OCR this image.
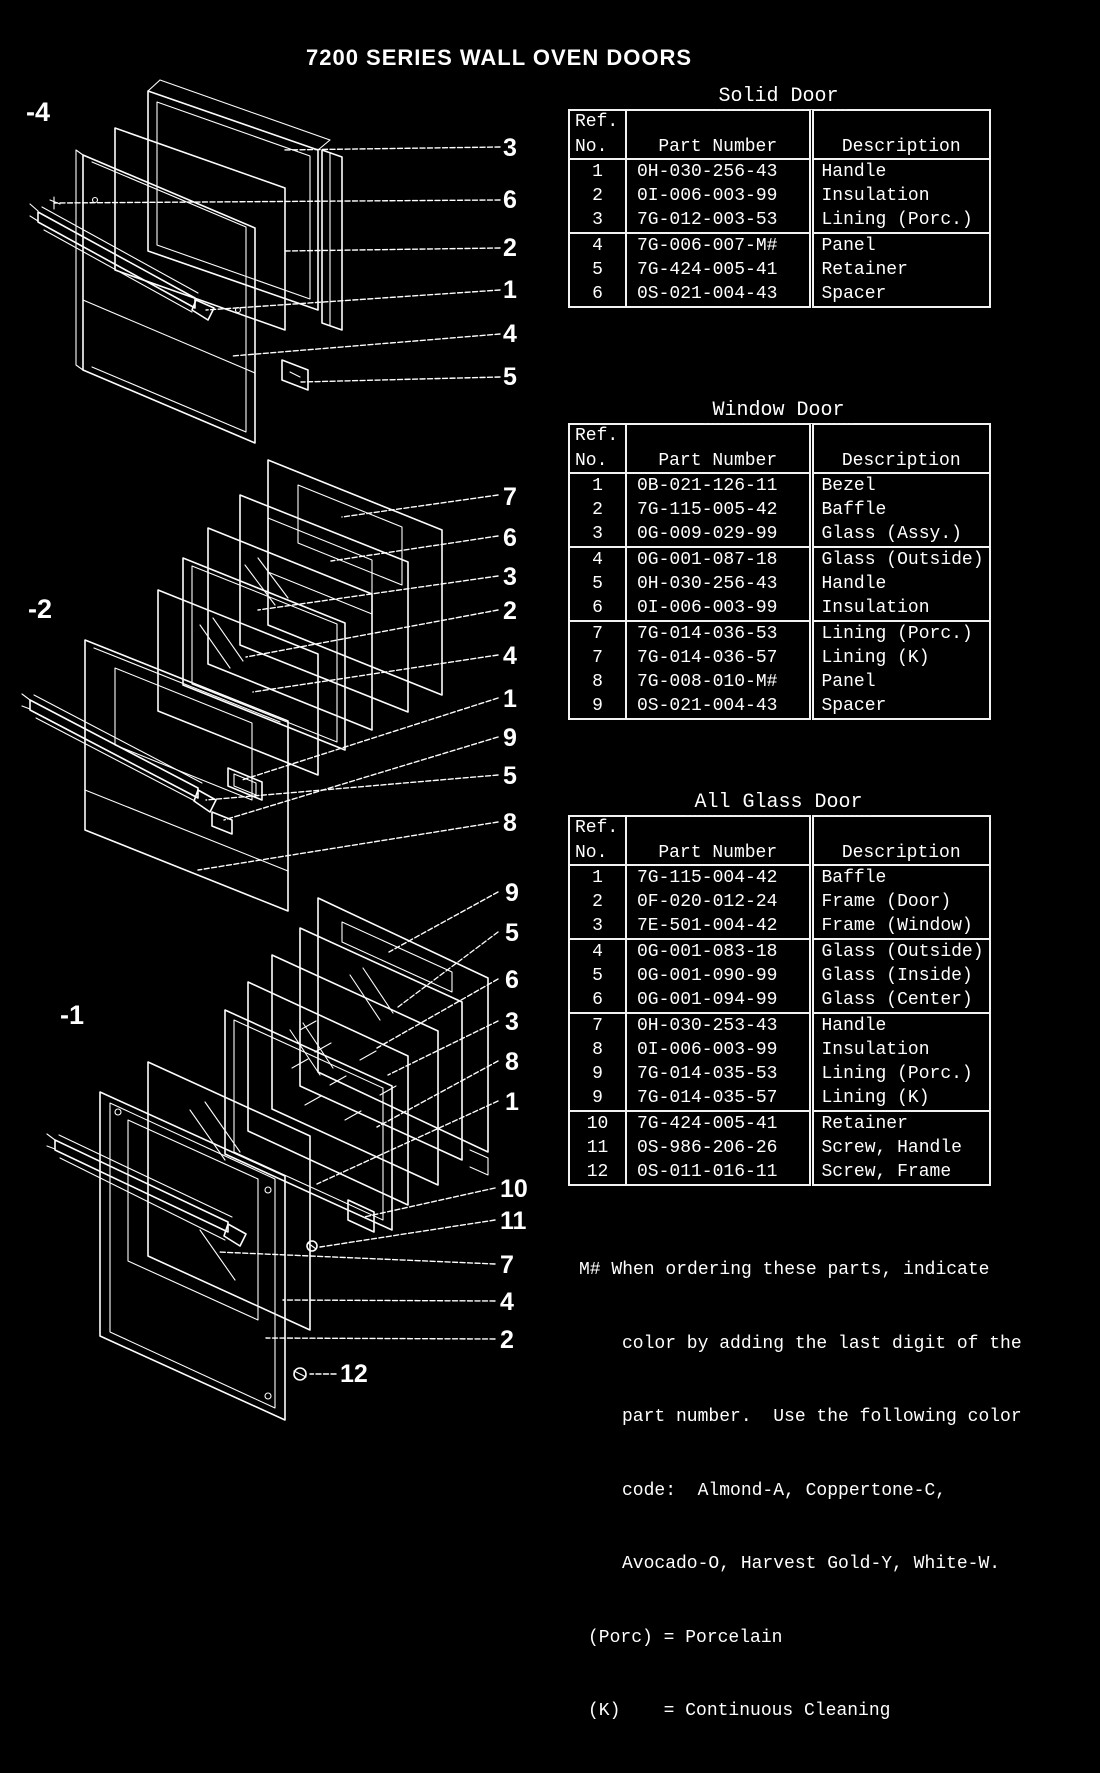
3
6
2
1
4
5
-4
7
6
3
2
4
1
9
5
8
-2
9
5
6
3
8
1
10
11
7
4
2
12
-1
7200 SERIES WALL OVEN DOORS
Solid Door
Ref.
No.	Part Number	Description
1	0H-030-256-43	Handle
2	0I-006-003-99	Insulation
3	7G-012-003-53	Lining (Porc.)
4	7G-006-007-M#	Panel
5	7G-424-005-41	Retainer
6	0S-021-004-43	Spacer
Window Door
Ref.
No.	Part Number	Description
1	0B-021-126-11	Bezel
2	7G-115-005-42	Baffle
3	0G-009-029-99	Glass (Assy.)
4	0G-001-087-18	Glass (Outside)
5	0H-030-256-43	Handle
6	0I-006-003-99	Insulation
7	7G-014-036-53	Lining (Porc.)
7	7G-014-036-57	Lining (K)
8	7G-008-010-M#	Panel
9	0S-021-004-43	Spacer
All Glass Door
Ref.
No.	Part Number	Description
1	7G-115-004-42	Baffle
2	0F-020-012-24	Frame (Door)
3	7E-501-004-42	Frame (Window)
4	0G-001-083-18	Glass (Outside)
5	0G-001-090-99	Glass (Inside)
6	0G-001-094-99	Glass (Center)
7	0H-030-253-43	Handle
8	0I-006-003-99	Insulation
9	7G-014-035-53	Lining (Porc.)
9	7G-014-035-57	Lining (K)
10	7G-424-005-41	Retainer
11	0S-986-206-26	Screw, Handle
12	0S-011-016-11	Screw, Frame

M# When ordering these parts, indicate

color by adding the last digit of the

part number.  Use the following color

code:  Almond-A, Coppertone-C,

Avocado-O, Harvest Gold-Y, White-W.

(Porc) = Porcelain

(K)    = Continuous Cleaning
